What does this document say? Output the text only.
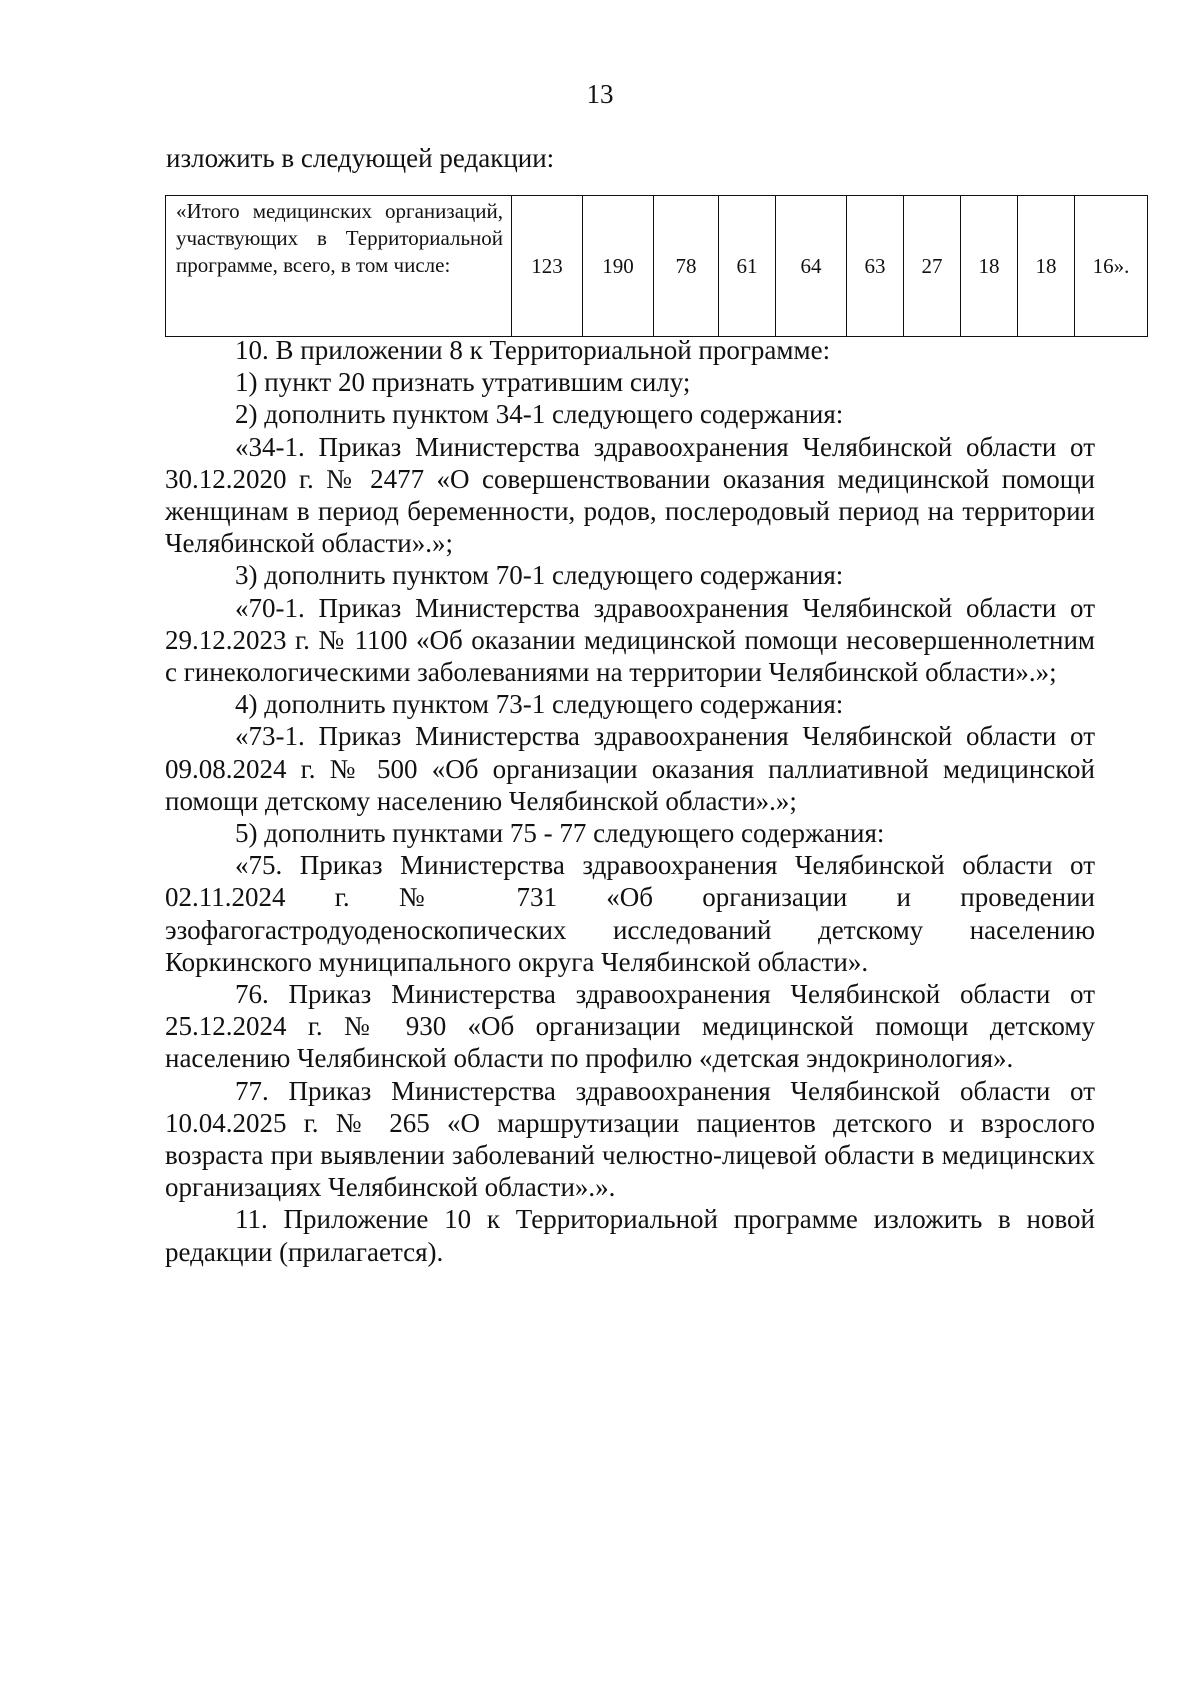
13
изложить в следующей редакции:
«Итого медицинских организаций, участвующих в Территориальной программе, всего, в том числе:	123	190	78	61	64	63	27	18	18	16».

10. В приложении 8 к Территориальной программе:

1) пункт 20 признать утратившим силу;

2) дополнить пунктом 34-1 следующего содержания:

«34-1. Приказ Министерства здравоохранения Челябинской области от 30.12.2020 г. № 2477 «О совершенствовании оказания медицинской помощи женщинам в период беременности, родов, послеродовый период на территории Челябинской области».»;

3) дополнить пунктом 70-1 следующего содержания:

«70-1. Приказ Министерства здравоохранения Челябинской области от 29.12.2023 г. № 1100 «Об оказании медицинской помощи несовершеннолетним с гинекологическими заболеваниями на территории Челябинской области».»;

4) дополнить пунктом 73-1 следующего содержания:

«73-1. Приказ Министерства здравоохранения Челябинской области от 09.08.2024 г. № 500 «Об организации оказания паллиативной медицинской помощи детскому населению Челябинской области».»;

5) дополнить пунктами 75 - 77 следующего содержания:

«75. Приказ Министерства здравоохранения Челябинской области от 02.11.2024 г. № 731 «Об организации и проведении эзофагогастродуоденоскопических исследований детскому населению Коркинского муниципального округа Челябинской области».

76. Приказ Министерства здравоохранения Челябинской области от 25.12.2024 г. № 930 «Об организации медицинской помощи детскому населению Челябинской области по профилю «детская эндокринология».

77. Приказ Министерства здравоохранения Челябинской области от 10.04.2025 г. № 265 «О маршрутизации пациентов детского и взрослого возраста при выявлении заболеваний челюстно-лицевой области в медицинских организациях Челябинской области».».

11. Приложение 10 к Территориальной программе изложить в новой редакции (прилагается).
